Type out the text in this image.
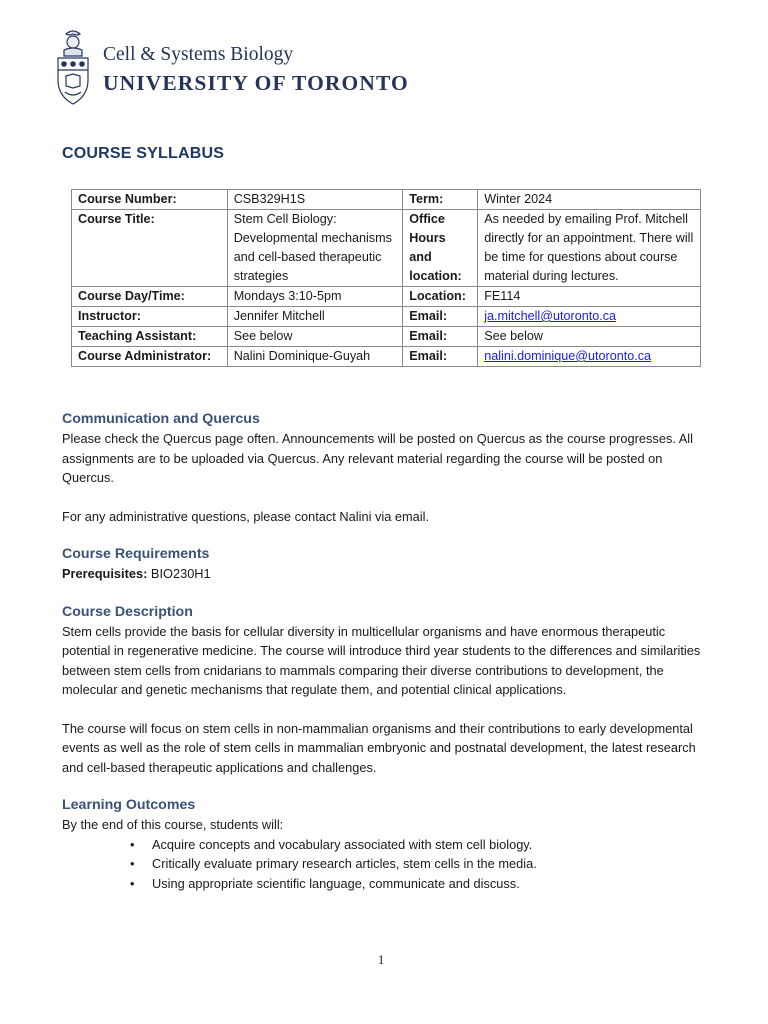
Cell & Systems Biology
UNIVERSITY OF TORONTO
COURSE SYLLABUS
Course Number:	CSB329H1S	Term:	Winter 2024
Course Title:	Stem Cell Biology: Developmental mechanisms and cell-based therapeutic strategies	Office Hours and location:	As needed by emailing Prof. Mitchell directly for an appointment. There will be time for questions about course material during lectures.
Course Day/Time:	Mondays 3:10-5pm	Location:	FE114
Instructor:	Jennifer Mitchell	Email:	ja.mitchell@utoronto.ca
Teaching Assistant:	See below	Email:	See below
Course Administrator:	Nalini Dominique-Guyah	Email:	nalini.dominique@utoronto.ca
Communication and Quercus

Please check the Quercus page often. Announcements will be posted on Quercus as the course progresses. All assignments are to be uploaded via Quercus. Any relevant material regarding the course will be posted on Quercus.

For any administrative questions, please contact Nalini via email.

Course Requirements

Prerequisites: BIO230H1

Course Description

Stem cells provide the basis for cellular diversity in multicellular organisms and have enormous therapeutic potential in regenerative medicine. The course will introduce third year students to the differences and similarities between stem cells from cnidarians to mammals comparing their diverse contributions to development, the molecular and genetic mechanisms that regulate them, and potential clinical applications.

The course will focus on stem cells in non-mammalian organisms and their contributions to early developmental events as well as the role of stem cells in mammalian embryonic and postnatal development, the latest research and cell-based therapeutic applications and challenges.

Learning Outcomes

By the end of this course, students will:

• Acquire concepts and vocabulary associated with stem cell biology.
• Critically evaluate primary research articles, stem cells in the media.
• Using appropriate scientific language, communicate and discuss.
1
